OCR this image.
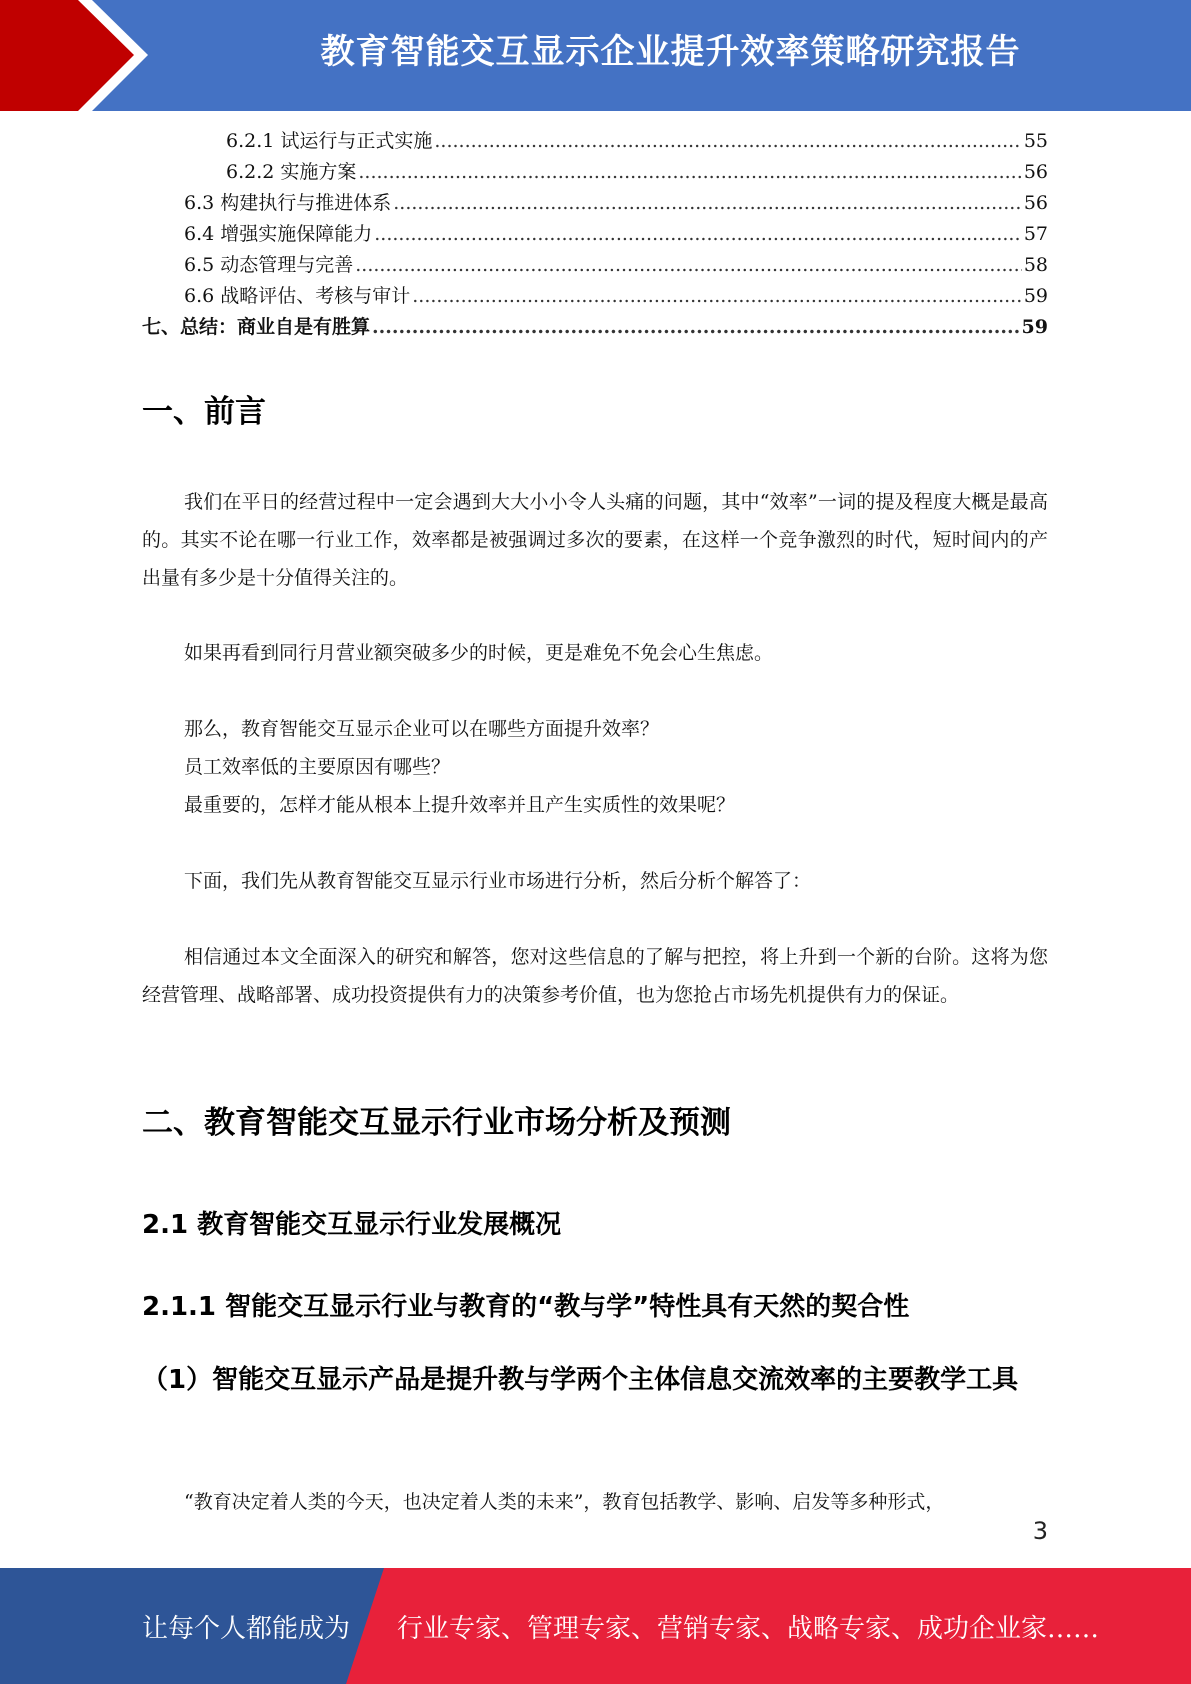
教育智能交互显示企业提升效率策略研究报告
6.2.1 试运行与正式实施 .....	55
6.2.2 实施方案 .....	56
6.3 构建执行与推进体系 .....	56
6.4 增强实施保障能力 .....	57
6.5 动态管理与完善 .....	58
6.6 战略评估、考核与审计 .....	59
七、总结：商业自是有胜算 .....	59
一、前言
我们在平日的经营过程中一定会遇到大大小小令人头痛的问题，其中“效率”一词的提及程度大概是最高的。其实不论在哪一行业工作，效率都是被强调过多次的要素，在这样一个竞争激烈的时代，短时间内的产出量有多少是十分值得关注的。
如果再看到同行月营业额突破多少的时候，更是难免不免会心生焦虑。
那么，教育智能交互显示企业可以在哪些方面提升效率？
员工效率低的主要原因有哪些？
最重要的，怎样才能从根本上提升效率并且产生实质性的效果呢？
下面，我们先从教育智能交互显示行业市场进行分析，然后分析个解答了：
相信通过本文全面深入的研究和解答，您对这些信息的了解与把控，将上升到一个新的台阶。这将为您经营管理、战略部署、成功投资提供有力的决策参考价值，也为您抢占市场先机提供有力的保证。
二、教育智能交互显示行业市场分析及预测
2.1 教育智能交互显示行业发展概况
2.1.1 智能交互显示行业与教育的“教与学”特性具有天然的契合性
（1）智能交互显示产品是提升教与学两个主体信息交流效率的主要教学工具
“教育决定着人类的今天，也决定着人类的未来”，教育包括教学、影响、启发等多种形式，
3
让每个人都能成为 行业专家、管理专家、营销专家、战略专家、成功企业家……
